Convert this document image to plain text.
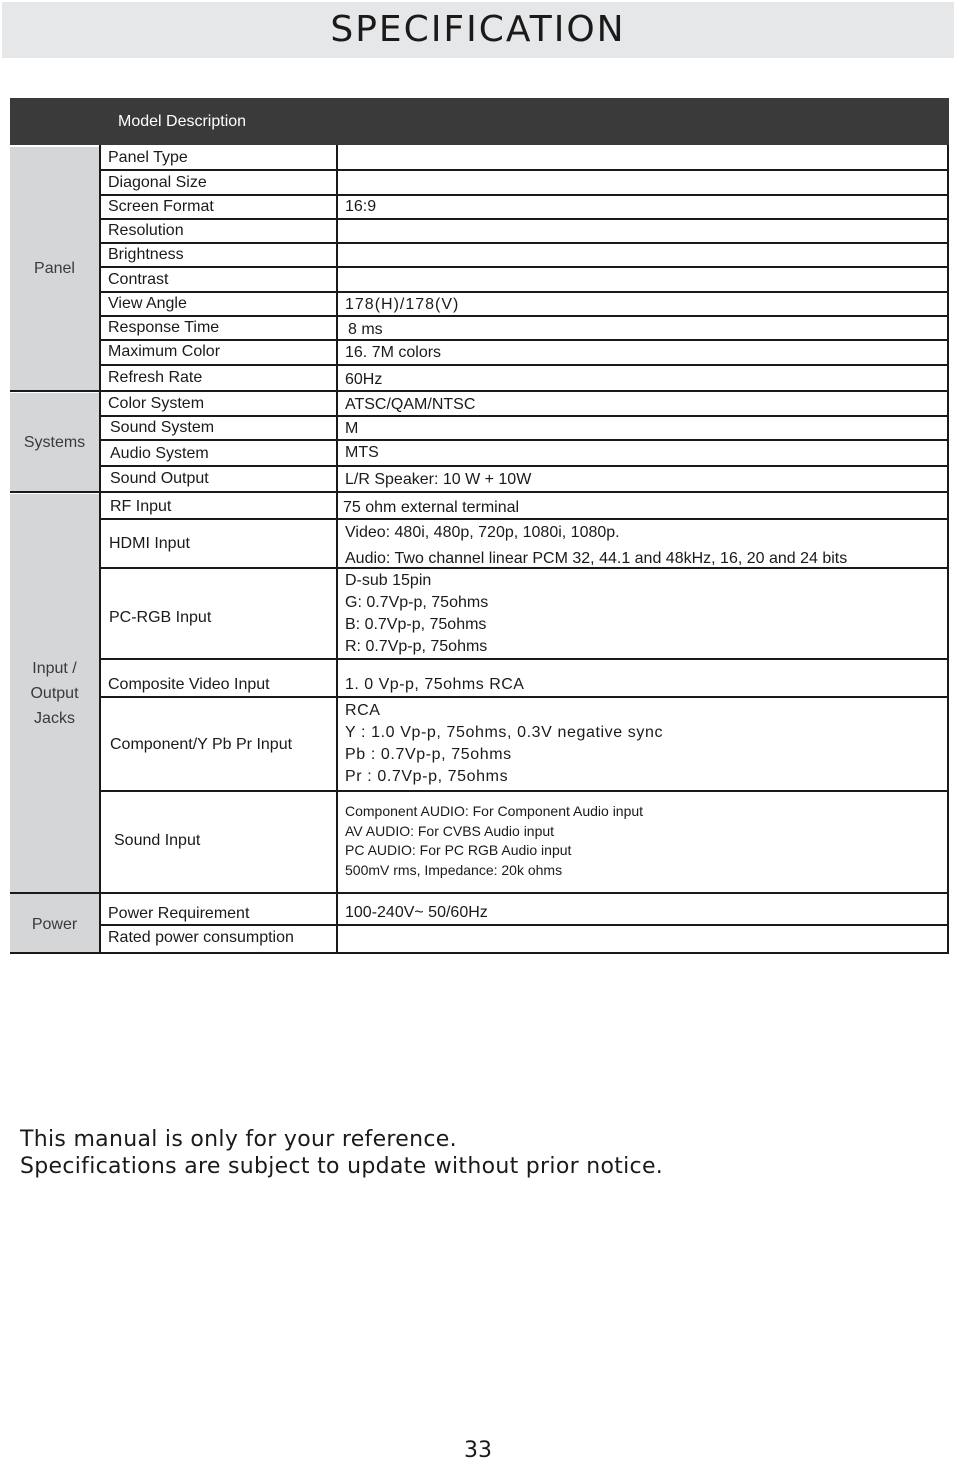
SPECIFICATION
Model Description
Panel
Systems
Input /
Output
Jacks
Power
Panel Type
Diagonal Size
Screen Format
Resolution
Brightness
Contrast
View Angle
Response Time
Maximum Color
Refresh Rate
Color System
Sound System
Audio System
Sound Output
RF Input
HDMI Input
PC-RGB Input
Composite Video Input
Component/Y Pb Pr Input
Sound Input
Power Requirement
Rated power consumption
16:9
178(H)/178(V)
8 ms
16. 7M colors
60Hz
ATSC/QAM/NTSC
M
MTS
L/R Speaker: 10 W + 10W
75 ohm external terminal
Video: 480i, 480p, 720p, 1080i, 1080p.
Audio: Two channel linear PCM 32, 44.1 and 48kHz, 16, 20 and 24 bits
D-sub 15pin
G: 0.7Vp-p, 75ohms
B: 0.7Vp-p, 75ohms
R: 0.7Vp-p, 75ohms
1. 0 Vp-p, 75ohms RCA
RCA
Y : 1.0 Vp-p, 75ohms, 0.3V negative sync
Pb : 0.7Vp-p, 75ohms
Pr : 0.7Vp-p, 75ohms
Component AUDIO: For Component Audio input
AV AUDIO: For CVBS Audio input
PC AUDIO: For PC RGB Audio input
500mV rms, Impedance: 20k ohms
100-240V~ 50/60Hz
This manual is only for your reference.
Specifications are subject to update without prior notice.
33
